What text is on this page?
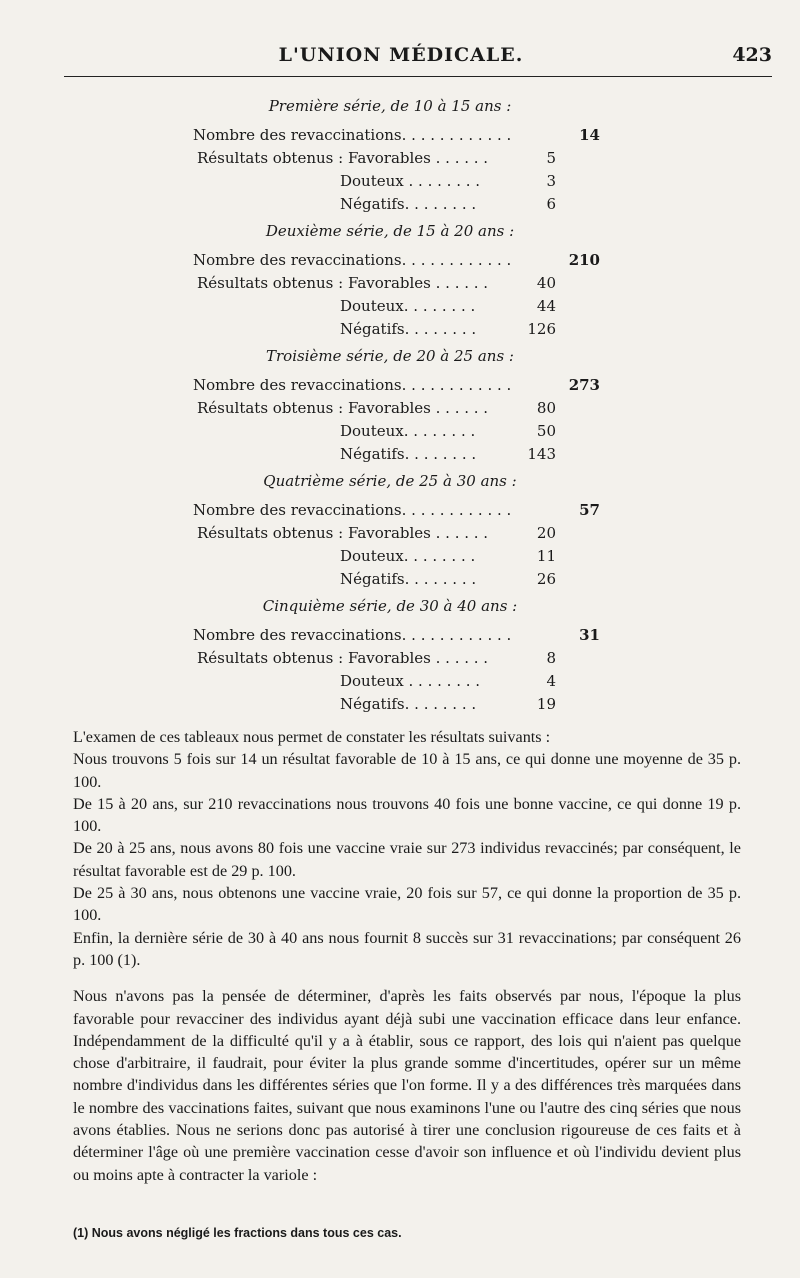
L'UNION MÉDICALE.	423
Première série, de 10 à 15 ans :
Nombre des revaccinations. . . . . . . . . . . .	14
Résultats obtenus : Favorables . . . . . .	5
Douteux . . . . . . . .	3
Négatifs. . . . . . . .	6
Deuxième série, de 15 à 20 ans :
Nombre des revaccinations. . . . . . . . . . . .	210
Résultats obtenus : Favorables . . . . . .	40
Douteux. . . . . . . .	44
Négatifs. . . . . . . .	126
Troisième série, de 20 à 25 ans :
Nombre des revaccinations. . . . . . . . . . . .	273
Résultats obtenus : Favorables . . . . . .	80
Douteux. . . . . . . .	50
Négatifs. . . . . . . .	143
Quatrième série, de 25 à 30 ans :
Nombre des revaccinations. . . . . . . . . . . .	57
Résultats obtenus : Favorables . . . . . .	20
Douteux. . . . . . . .	11
Négatifs. . . . . . . .	26
Cinquième série, de 30 à 40 ans :
Nombre des revaccinations. . . . . . . . . . . .	31
Résultats obtenus : Favorables . . . . . .	8
Douteux . . . . . . . .	4
Négatifs. . . . . . . .	19

L'examen de ces tableaux nous permet de constater les résultats suivants :

Nous trouvons 5 fois sur 14 un résultat favorable de 10 à 15 ans, ce qui donne une moyenne de 35 p. 100.

De 15 à 20 ans, sur 210 revaccinations nous trouvons 40 fois une bonne vaccine, ce qui donne 19 p. 100.

De 20 à 25 ans, nous avons 80 fois une vaccine vraie sur 273 individus revaccinés; par conséquent, le résultat favorable est de 29 p. 100.

De 25 à 30 ans, nous obtenons une vaccine vraie, 20 fois sur 57, ce qui donne la proportion de 35 p. 100.

Enfin, la dernière série de 30 à 40 ans nous fournit 8 succès sur 31 revaccinations; par conséquent 26 p. 100 (1).

Nous n'avons pas la pensée de déterminer, d'après les faits observés par nous, l'époque la plus favorable pour revacciner des individus ayant déjà subi une vaccination efficace dans leur enfance. Indépendamment de la difficulté qu'il y a à établir, sous ce rapport, des lois qui n'aient pas quelque chose d'arbitraire, il faudrait, pour éviter la plus grande somme d'incertitudes, opérer sur un même nombre d'individus dans les différentes séries que l'on forme. Il y a des différences très marquées dans le nombre des vaccinations faites, suivant que nous examinons l'une ou l'autre des cinq séries que nous avons établies. Nous ne serions donc pas autorisé à tirer une conclusion rigoureuse de ces faits et à déterminer l'âge où une première vaccination cesse d'avoir son influence et où l'individu devient plus ou moins apte à contracter la variole :

(1) Nous avons négligé les fractions dans tous ces cas.
